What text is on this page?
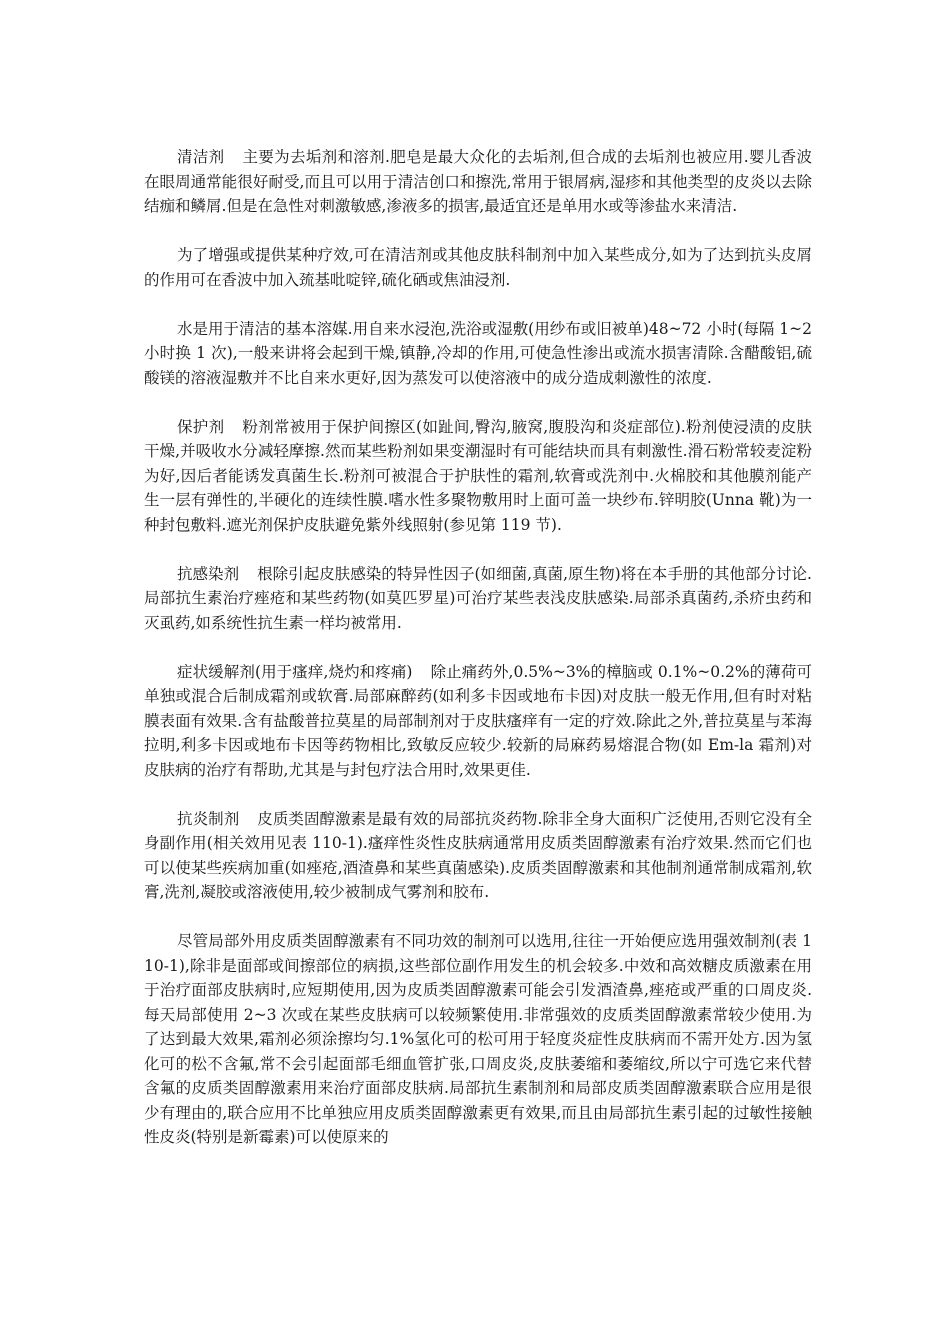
清洁剂 主要为去垢剂和溶剂.肥皂是最大众化的去垢剂,但合成的去垢剂也被应用.婴儿香波在眼周通常能很好耐受,而且可以用于清洁创口和擦洗,常用于银屑病,湿疹和其他类型的皮炎以去除结痂和鳞屑.但是在急性对刺激敏感,渗液多的损害,最适宜还是单用水或等渗盐水来清洁.

为了增强或提供某种疗效,可在清洁剂或其他皮肤科制剂中加入某些成分,如为了达到抗头皮屑的作用可在香波中加入巯基吡啶锌,硫化硒或焦油浸剂.

水是用于清洁的基本溶媒.用自来水浸泡,洗浴或湿敷(用纱布或旧被单)48~72 小时(每隔 1~2 小时换 1 次),一般来讲将会起到干燥,镇静,冷却的作用,可使急性渗出或流水损害清除.含醋酸铝,硫酸镁的溶液湿敷并不比自来水更好,因为蒸发可以使溶液中的成分造成刺激性的浓度.

保护剂 粉剂常被用于保护间擦区(如趾间,臀沟,腋窝,腹股沟和炎症部位).粉剂使浸渍的皮肤干燥,并吸收水分减轻摩擦.然而某些粉剂如果变潮湿时有可能结块而具有刺激性.滑石粉常较麦淀粉为好,因后者能诱发真菌生长.粉剂可被混合于护肤性的霜剂,软膏或洗剂中.火棉胶和其他膜剂能产生一层有弹性的,半硬化的连续性膜.嗜水性多聚物敷用时上面可盖一块纱布.锌明胶(Unna 靴)为一种封包敷料.遮光剂保护皮肤避免紫外线照射(参见第 119 节).

抗感染剂 根除引起皮肤感染的特异性因子(如细菌,真菌,原生物)将在本手册的其他部分讨论.局部抗生素治疗痤疮和某些药物(如莫匹罗星)可治疗某些表浅皮肤感染.局部杀真菌药,杀疥虫药和灭虱药,如系统性抗生素一样均被常用.

症状缓解剂(用于瘙痒,烧灼和疼痛) 除止痛药外,0.5%~3%的樟脑或 0.1%~0.2%的薄荷可单独或混合后制成霜剂或软膏.局部麻醉药(如利多卡因或地布卡因)对皮肤一般无作用,但有时对粘膜表面有效果.含有盐酸普拉莫星的局部制剂对于皮肤瘙痒有一定的疗效.除此之外,普拉莫星与苯海拉明,利多卡因或地布卡因等药物相比,致敏反应较少.较新的局麻药易熔混合物(如 Em-la 霜剂)对皮肤病的治疗有帮助,尤其是与封包疗法合用时,效果更佳.

抗炎制剂 皮质类固醇激素是最有效的局部抗炎药物.除非全身大面积广泛使用,否则它没有全身副作用(相关效用见表 110-1).瘙痒性炎性皮肤病通常用皮质类固醇激素有治疗效果.然而它们也可以使某些疾病加重(如痤疮,酒渣鼻和某些真菌感染).皮质类固醇激素和其他制剂通常制成霜剂,软膏,洗剂,凝胶或溶液使用,较少被制成气雾剂和胶布.

尽管局部外用皮质类固醇激素有不同功效的制剂可以选用,往往一开始便应选用强效制剂(表 110-1),除非是面部或间擦部位的病损,这些部位副作用发生的机会较多.中效和高效糖皮质激素在用于治疗面部皮肤病时,应短期使用,因为皮质类固醇激素可能会引发酒渣鼻,痤疮或严重的口周皮炎.每天局部使用 2~3 次或在某些皮肤病可以较频繁使用.非常强效的皮质类固醇激素常较少使用.为了达到最大效果,霜剂必须涂擦均匀.1%氢化可的松可用于轻度炎症性皮肤病而不需开处方.因为氢化可的松不含氟,常不会引起面部毛细血管扩张,口周皮炎,皮肤萎缩和萎缩纹,所以宁可选它来代替含氟的皮质类固醇激素用来治疗面部皮肤病.局部抗生素制剂和局部皮质类固醇激素联合应用是很少有理由的,联合应用不比单独应用皮质类固醇激素更有效果,而且由局部抗生素引起的过敏性接触性皮炎(特别是新霉素)可以使原来的
